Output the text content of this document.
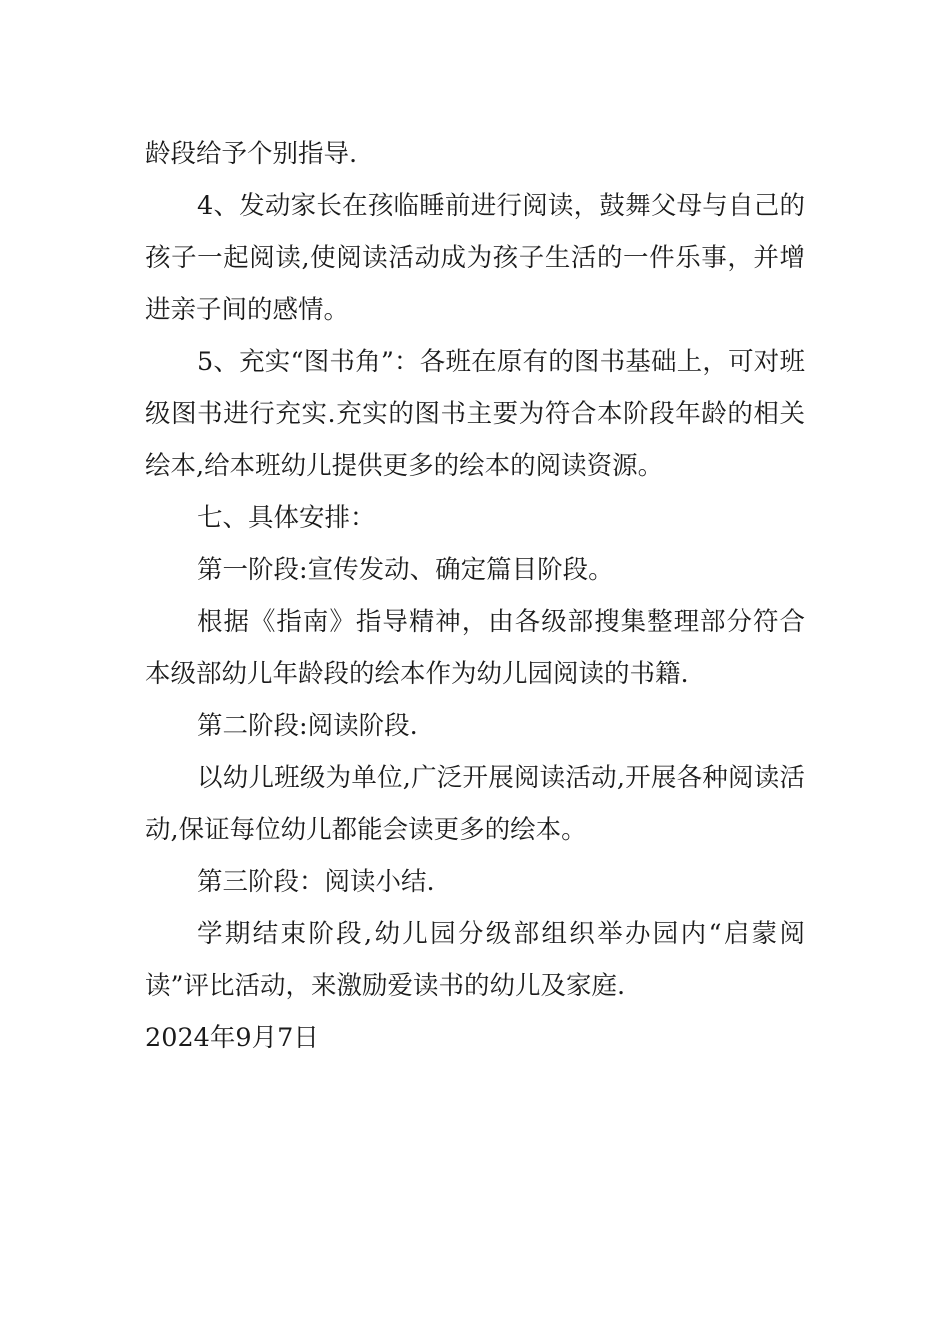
龄段给予个别指导.

4、发动家长在孩临睡前进行阅读，鼓舞父母与自己的孩子一起阅读,使阅读活动成为孩子生活的一件乐事，并增进亲子间的感情。

5、充实“图书角”：各班在原有的图书基础上，可对班级图书进行充实.充实的图书主要为符合本阶段年龄的相关绘本,给本班幼儿提供更多的绘本的阅读资源。

七、具体安排：

第一阶段:宣传发动、确定篇目阶段。

根据《指南》指导精神，由各级部搜集整理部分符合本级部幼儿年龄段的绘本作为幼儿园阅读的书籍.

第二阶段:阅读阶段.

以幼儿班级为单位,广泛开展阅读活动,开展各种阅读活动,保证每位幼儿都能会读更多的绘本。

第三阶段：阅读小结.

学期结束阶段,幼儿园分级部组织举办园内“启蒙阅读”评比活动，来激励爱读书的幼儿及家庭.

2024年9月7日
